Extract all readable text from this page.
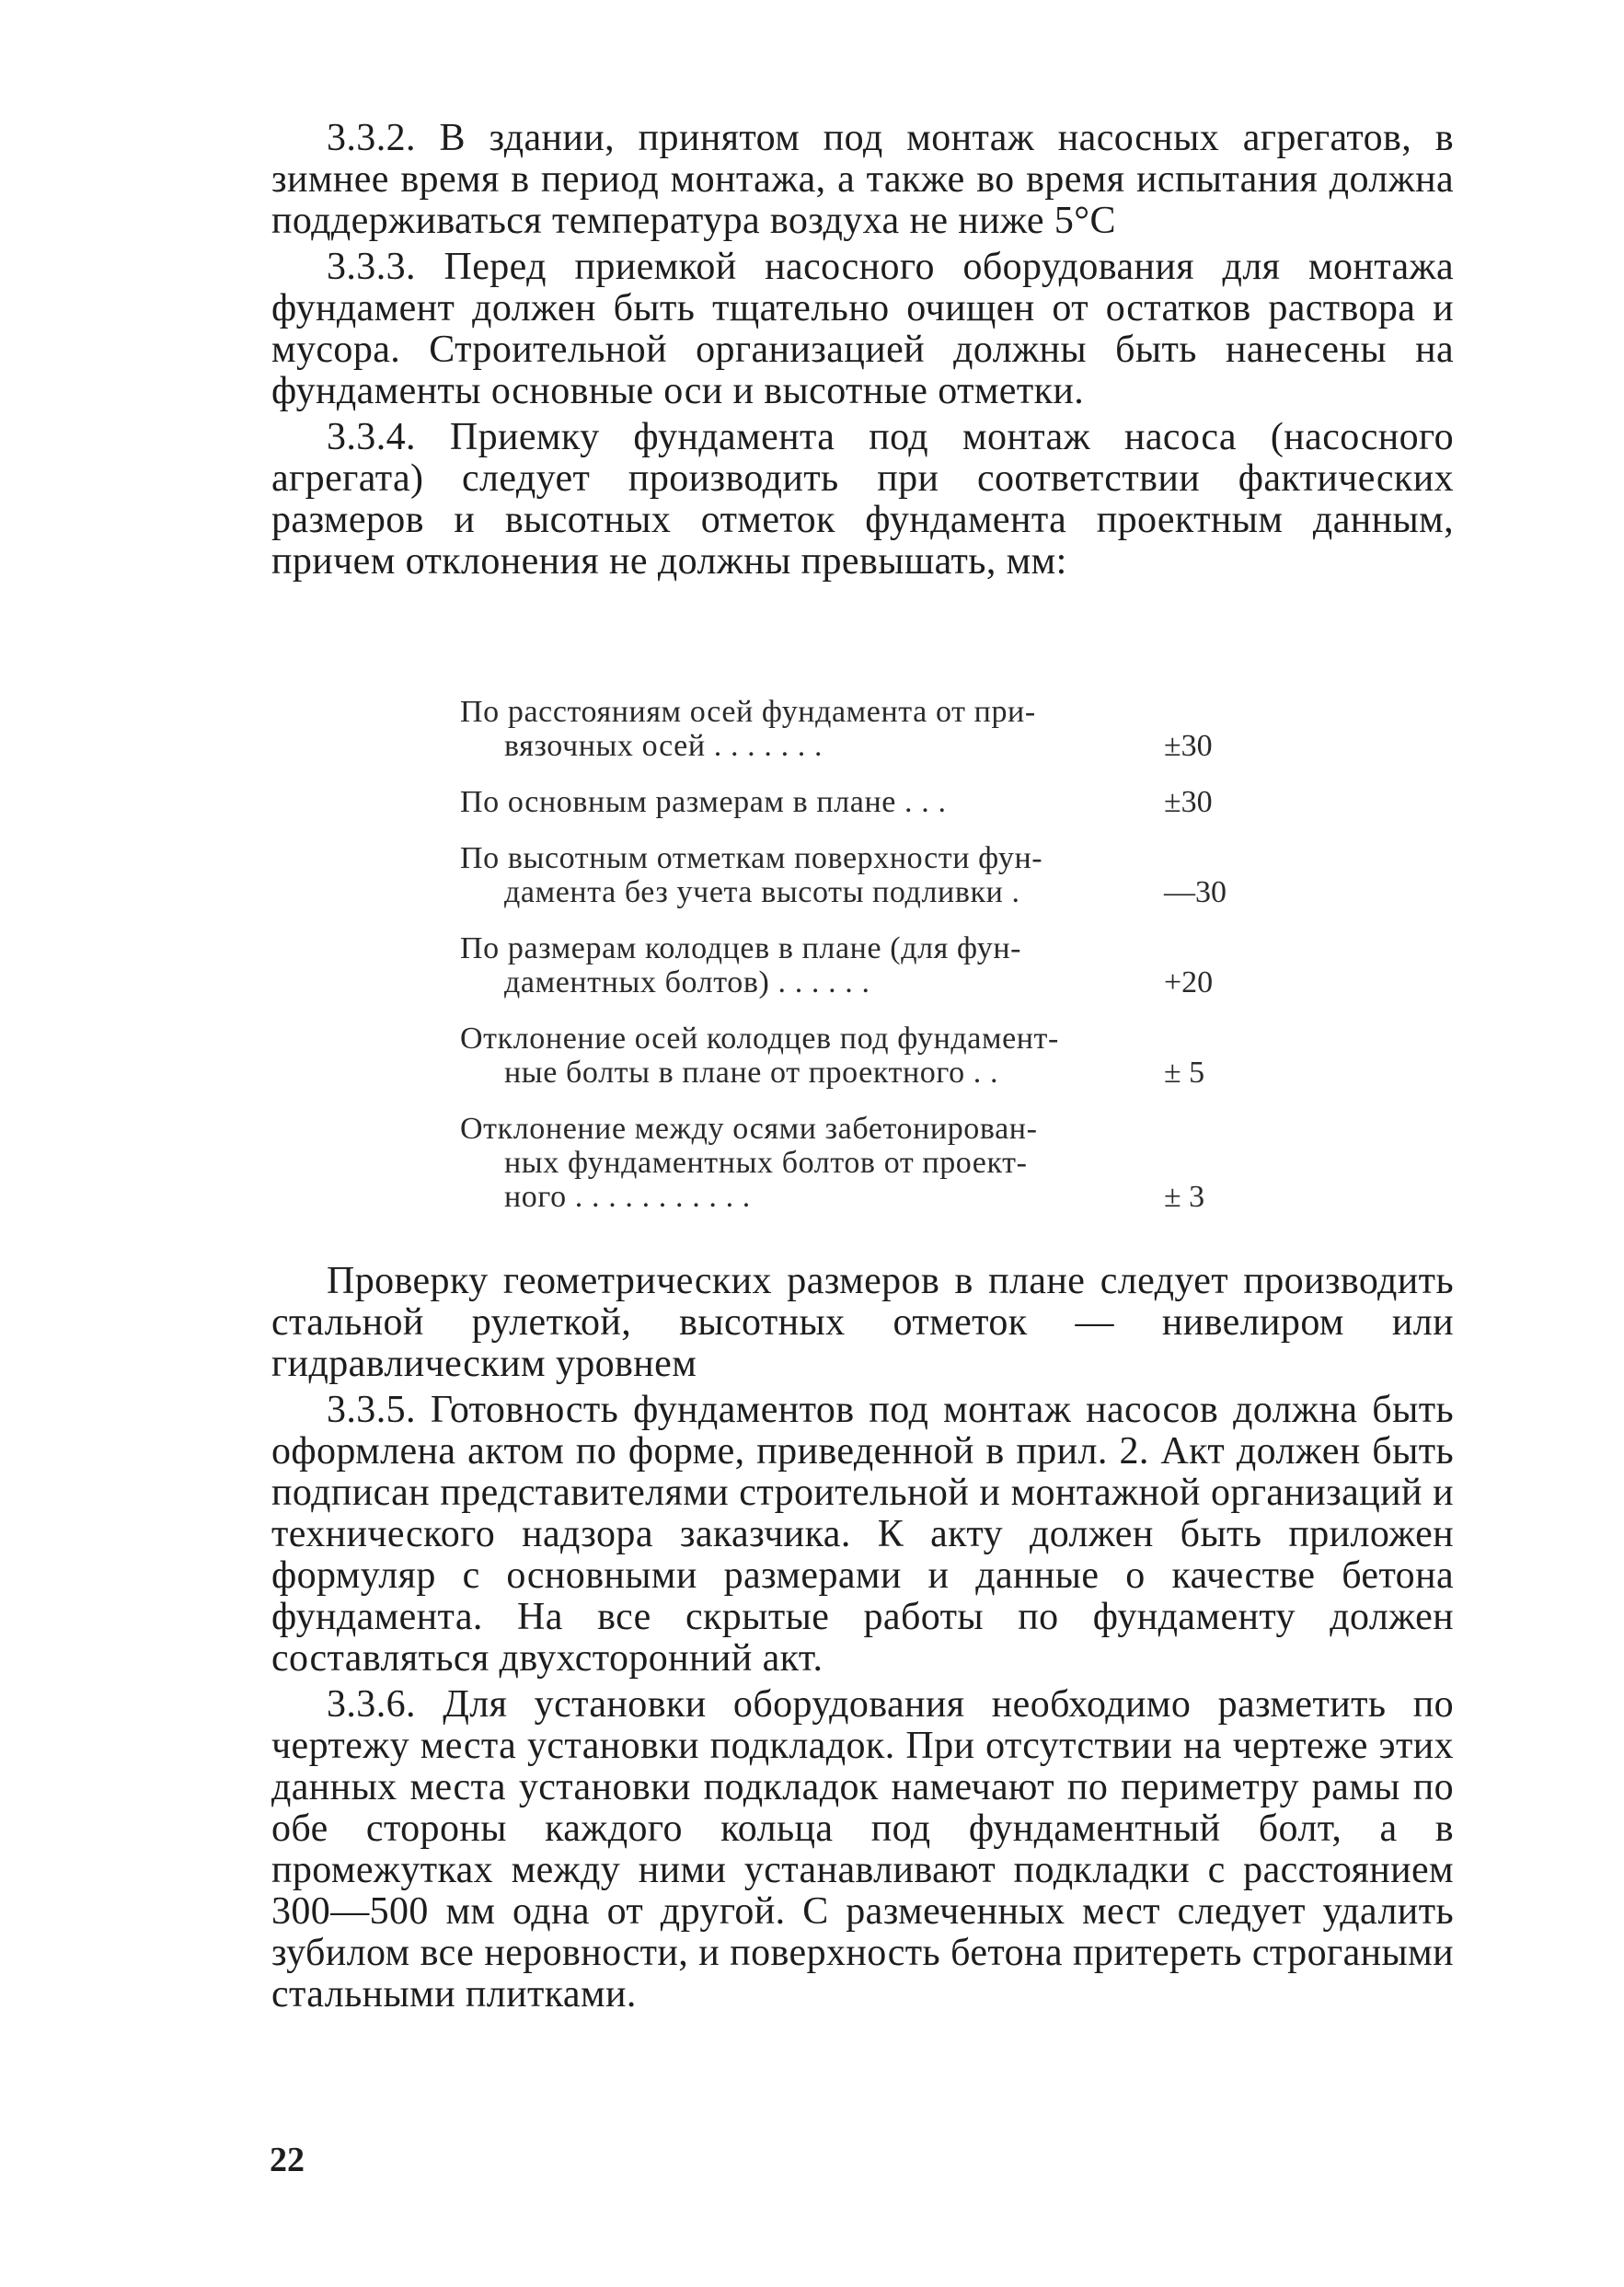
3.3.2. В здании, принятом под монтаж насосных агрегатов, в зимнее время в период монтажа, а также во время испытания должна поддерживаться температура воздуха не ниже 5°С

3.3.3. Перед приемкой насосного оборудования для монтажа фундамент должен быть тщательно очищен от остатков раствора и мусора. Строительной организацией должны быть нанесены на фундаменты основные оси и высотные отметки.

3.3.4. Приемку фундамента под монтаж насоса (насосного агрегата) следует производить при соответствии фактических размеров и высотных отметок фундамента проектным данным, причем отклонения не должны превышать, мм:

По расстояниям осей фундамента от при-
вязочных осей . . . . . . .	±30
По основным размерам в плане . . .	±30
По высотным отметкам поверхности фун-
дамента без учета высоты подливки .	—30
По размерам колодцев в плане (для фун-
даментных болтов) . . . . . .	+20
Отклонение осей колодцев под фундамент-
ные болты в плане от проектного . .	± 5
Отклонение между осями забетонирован-
ных фундаментных болтов от проект-
ного . . . . . . . . . . .	± 3

Проверку геометрических размеров в плане следует производить стальной рулеткой, высотных отметок — нивелиром или гидравлическим уровнем

3.3.5. Готовность фундаментов под монтаж насосов должна быть оформлена актом по форме, приведенной в прил. 2. Акт должен быть подписан представителями строительной и монтажной организаций и технического надзора заказчика. К акту должен быть приложен формуляр с основными размерами и данные о качестве бетона фундамента. На все скрытые работы по фундаменту должен составляться двухсторонний акт.

3.3.6. Для установки оборудования необходимо разметить по чертежу места установки подкладок. При отсутствии на чертеже этих данных места установки подкладок намечают по периметру рамы по обе стороны каждого кольца под фундаментный болт, а в промежутках между ними устанавливают подкладки с расстоянием 300—500 мм одна от другой. С размеченных мест следует удалить зубилом все неровности, и поверхность бетона притереть строгаными стальными плитками.

22
